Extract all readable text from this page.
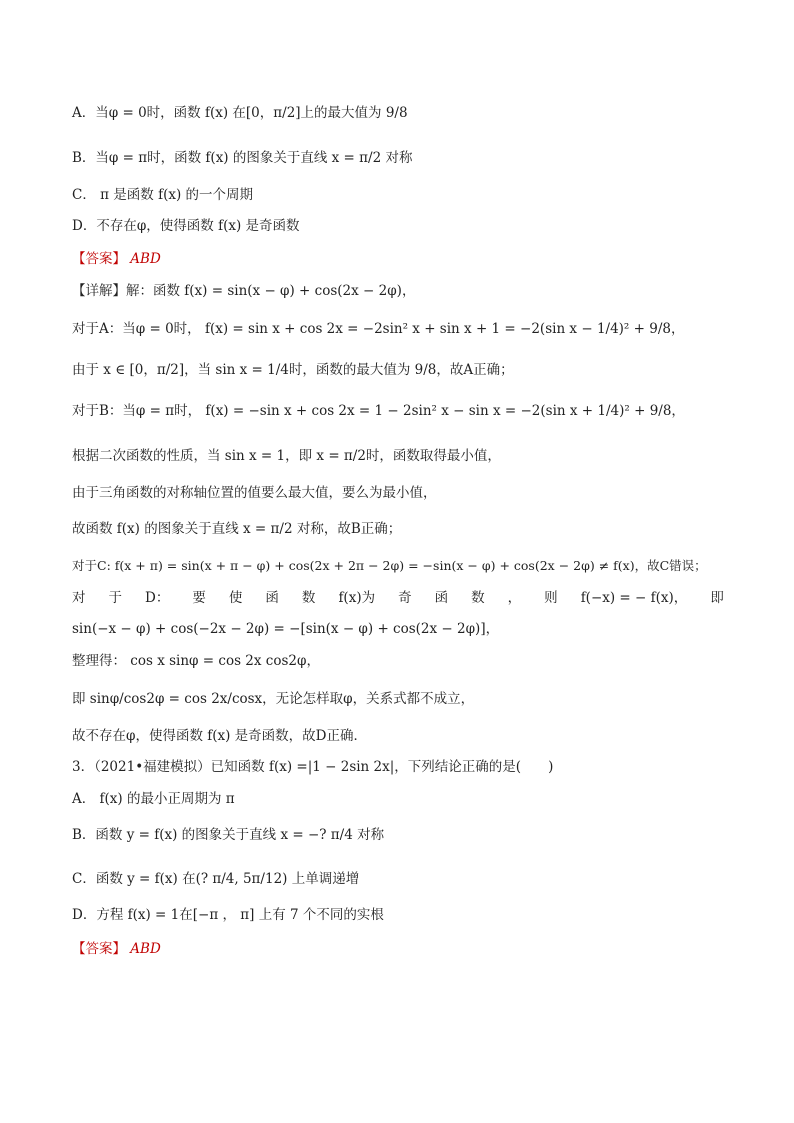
A．当φ = 0时，函数 f(x) 在[0，π/2]上的最大值为 9/8
B．当φ = π时，函数 f(x) 的图象关于直线 x = π/2 对称
C． π 是函数 f(x) 的一个周期
D．不存在φ，使得函数 f(x) 是奇函数
【答案】 ABD
【详解】解：函数 f(x) = sin(x − φ) + cos(2x − 2φ)，
对于A：当φ = 0时， f(x) = sin x + cos 2x = −2sin² x + sin x + 1 = −2(sin x − 1/4)² + 9/8，
由于 x ∈ [0，π/2]，当 sin x = 1/4时，函数的最大值为 9/8，故A正确；
对于B：当φ = π时， f(x) = −sin x + cos 2x = 1 − 2sin² x − sin x = −2(sin x + 1/4)² + 9/8，
根据二次函数的性质，当 sin x = 1，即 x = π/2时，函数取得最小值，
由于三角函数的对称轴位置的值要么最大值，要么为最小值，
故函数 f(x) 的图象关于直线 x = π/2 对称，故B正确；
对于C: f(x + π) = sin(x + π − φ) + cos(2x + 2π − 2φ) = −sin(x − φ) + cos(2x − 2φ) ≠ f(x)，故C错误；
对 于 D： 要 使 函 数 f(x)为 奇 函 数 ， 则 f(−x) = − f(x)， 即
sin(−x − φ) + cos(−2x − 2φ) = −[sin(x − φ) + cos(2x − 2φ)]，
整理得： cos x sinφ = cos 2x cos2φ，
即 sinφ/cos2φ = cos 2x/cosx，无论怎样取φ，关系式都不成立，
故不存在φ，使得函数 f(x) 是奇函数，故D正确．
3．（2021•福建模拟）已知函数 f(x) =|1 − 2sin 2x|，下列结论正确的是(　　)
A． f(x) 的最小正周期为 π
B．函数 y = f(x) 的图象关于直线 x = −? π/4 对称
C．函数 y = f(x) 在(? π/4, 5π/12) 上单调递增
D．方程 f(x) = 1在[−π ， π] 上有 7 个不同的实根
【答案】 ABD
